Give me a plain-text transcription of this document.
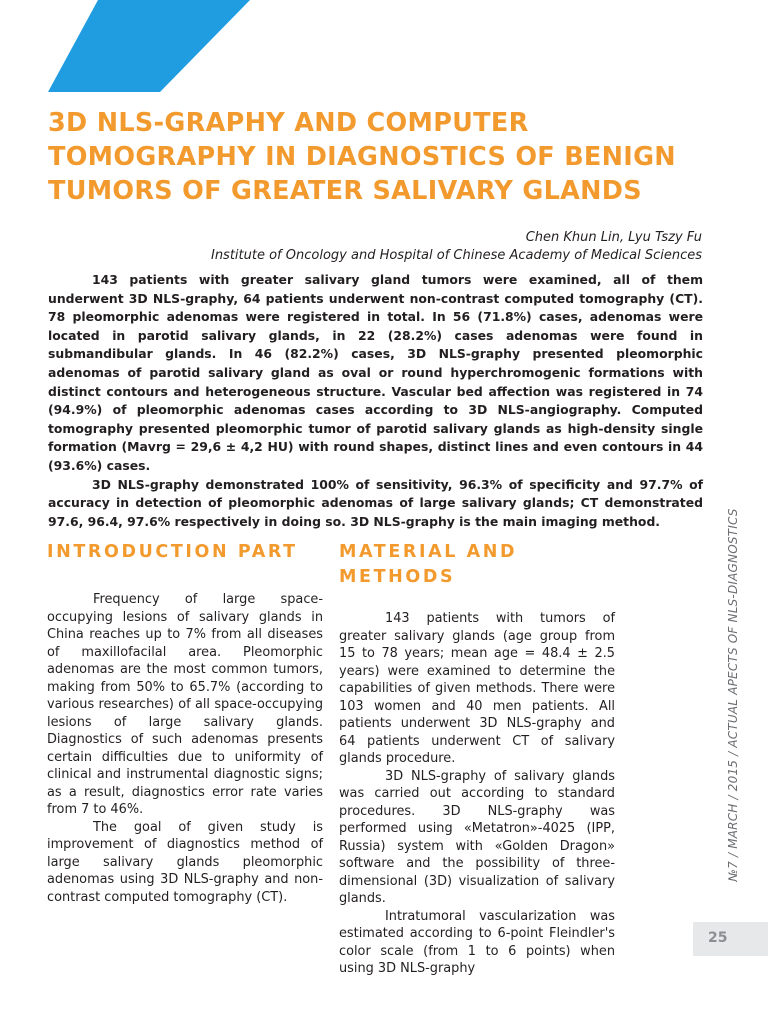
3D NLS-GRAPHY AND COMPUTER TOMOGRAPHY IN DIAGNOSTICS OF BENIGN TUMORS OF GREATER SALIVARY GLANDS

Chen Khun Lin, Lyu Tszy Fu

Institute of Oncology and Hospital of Chinese Academy of Medical Sciences

143 patients with greater salivary gland tumors were examined, all of them underwent 3D NLS-graphy, 64 patients underwent non-contrast computed tomography (CT). 78 pleomorphic adenomas were registered in total. In 56 (71.8%) cases, adenomas were located in parotid salivary glands, in 22 (28.2%) cases adenomas were found in submandibular glands. In 46 (82.2%) cases, 3D NLS-graphy presented pleomorphic adenomas of parotid salivary gland as oval or round hyperchromogenic formations with distinct contours and heterogeneous structure. Vascular bed affection was registered in 74 (94.9%) of pleomorphic adenomas cases according to 3D NLS-angiography. Computed tomography presented pleomorphic tumor of parotid salivary glands as high-density single formation (Mavrg = 29,6 ± 4,2 HU) with round shapes, distinct lines and even contours in 44 (93.6%) cases.

3D NLS-graphy demonstrated 100% of sensitivity, 96.3% of specificity and 97.7% of accuracy in detection of pleomorphic adenomas of large salivary glands; CT demonstrated 97.6, 96.4, 97.6% respectively in doing so. 3D NLS-graphy is the main imaging method.

INTRODUCTION PART

Frequency of large space-occupying lesions of salivary glands in China reaches up to 7% from all diseases of maxillofacilal area. Pleomorphic adenomas are the most common tumors, making from 50% to 65.7% (according to various researches) of all space-occupying lesions of large salivary glands. Diagnostics of such adenomas presents certain difficulties due to uniformity of clinical and instrumental diagnostic signs; as a result, diagnostics error rate varies from 7 to 46%.

The goal of given study is improvement of diagnostics method of large salivary glands pleomorphic adenomas using 3D NLS-graphy and non-contrast computed tomography (CT).

MATERIAL AND METHODS

143 patients with tumors of greater salivary glands (age group from 15 to 78 years; mean age = 48.4 ± 2.5 years) were examined to determine the capabilities of given methods. There were 103 women and 40 men patients. All patients underwent 3D NLS-graphy and 64 patients underwent CT of salivary glands procedure.

3D NLS-graphy of salivary glands was carried out according to standard procedures. 3D NLS-graphy was performed using «Metatron»-4025 (IPP, Russia) system with «Golden Dragon» software and the possibility of three-dimensional (3D) visualization of salivary glands.

Intratumoral vascularization was estimated according to 6-point Fleindler's color scale (from 1 to 6 points) when using 3D NLS-graphy

№7 / MARCH / 2015 / ACTUAL APECTS OF NLS-DIAGNOSTICS
25
